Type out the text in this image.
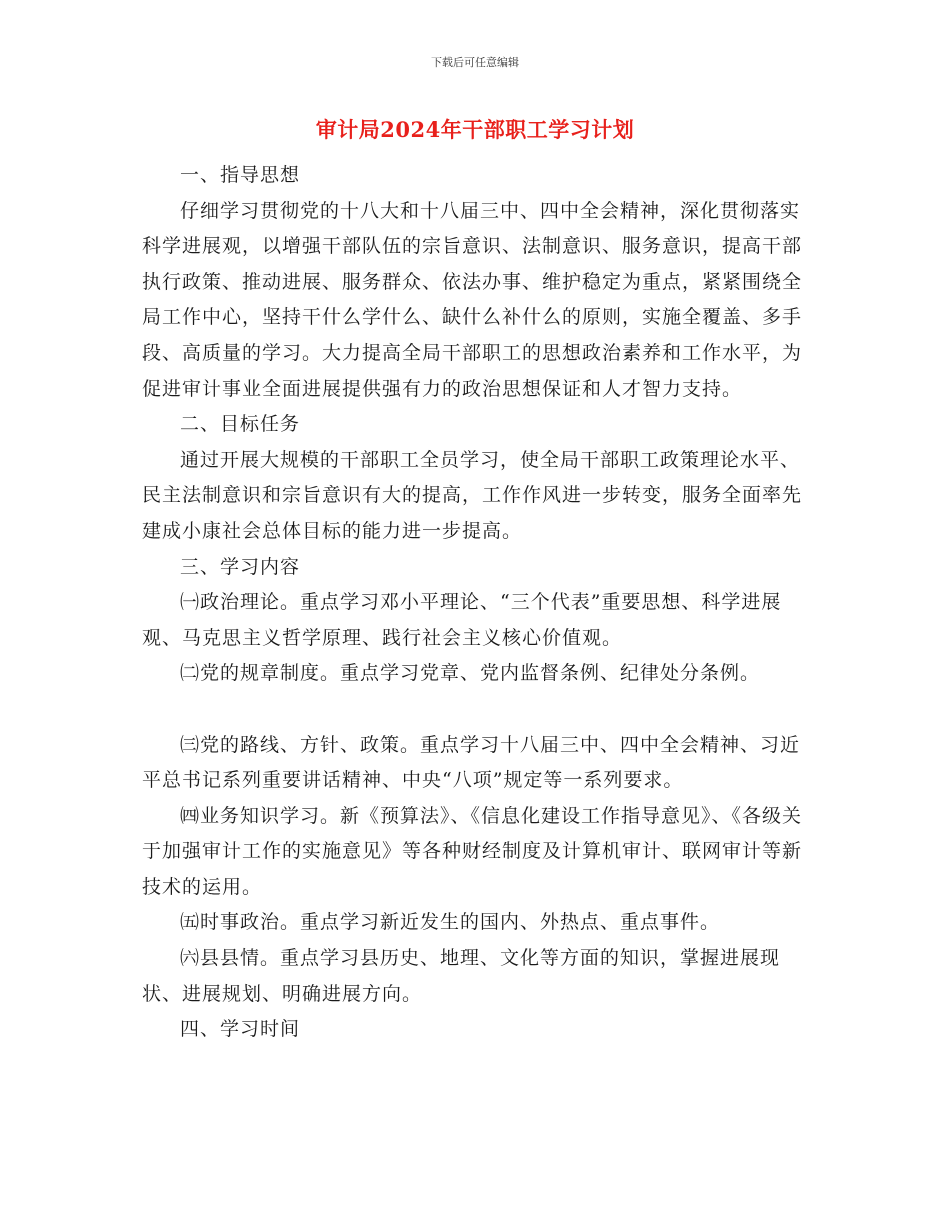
下载后可任意编辑
审计局2024年干部职工学习计划

一、指导思想

仔细学习贯彻党的十八大和十八届三中、四中全会精神，深化贯彻落实科学进展观，以增强干部队伍的宗旨意识、法制意识、服务意识，提高干部执行政策、推动进展、服务群众、依法办事、维护稳定为重点，紧紧围绕全局工作中心，坚持干什么学什么、缺什么补什么的原则，实施全覆盖、多手段、高质量的学习。大力提高全局干部职工的思想政治素养和工作水平，为促进审计事业全面进展提供强有力的政治思想保证和人才智力支持。

二、目标任务

通过开展大规模的干部职工全员学习，使全局干部职工政策理论水平、民主法制意识和宗旨意识有大的提高，工作作风进一步转变，服务全面率先建成小康社会总体目标的能力进一步提高。

三、学习内容

㈠政治理论。重点学习邓小平理论、“三个代表”重要思想、科学进展观、马克思主义哲学原理、践行社会主义核心价值观。

㈡党的规章制度。重点学习党章、党内监督条例、纪律处分条例。

㈢党的路线、方针、政策。重点学习十八届三中、四中全会精神、习近平总书记系列重要讲话精神、中央“八项”规定等一系列要求。

㈣业务知识学习。新《预算法》、《信息化建设工作指导意见》、《各级关于加强审计工作的实施意见》等各种财经制度及计算机审计、联网审计等新技术的运用。

㈤时事政治。重点学习新近发生的国内、外热点、重点事件。

㈥县县情。重点学习县历史、地理、文化等方面的知识，掌握进展现状、进展规划、明确进展方向。

四、学习时间
